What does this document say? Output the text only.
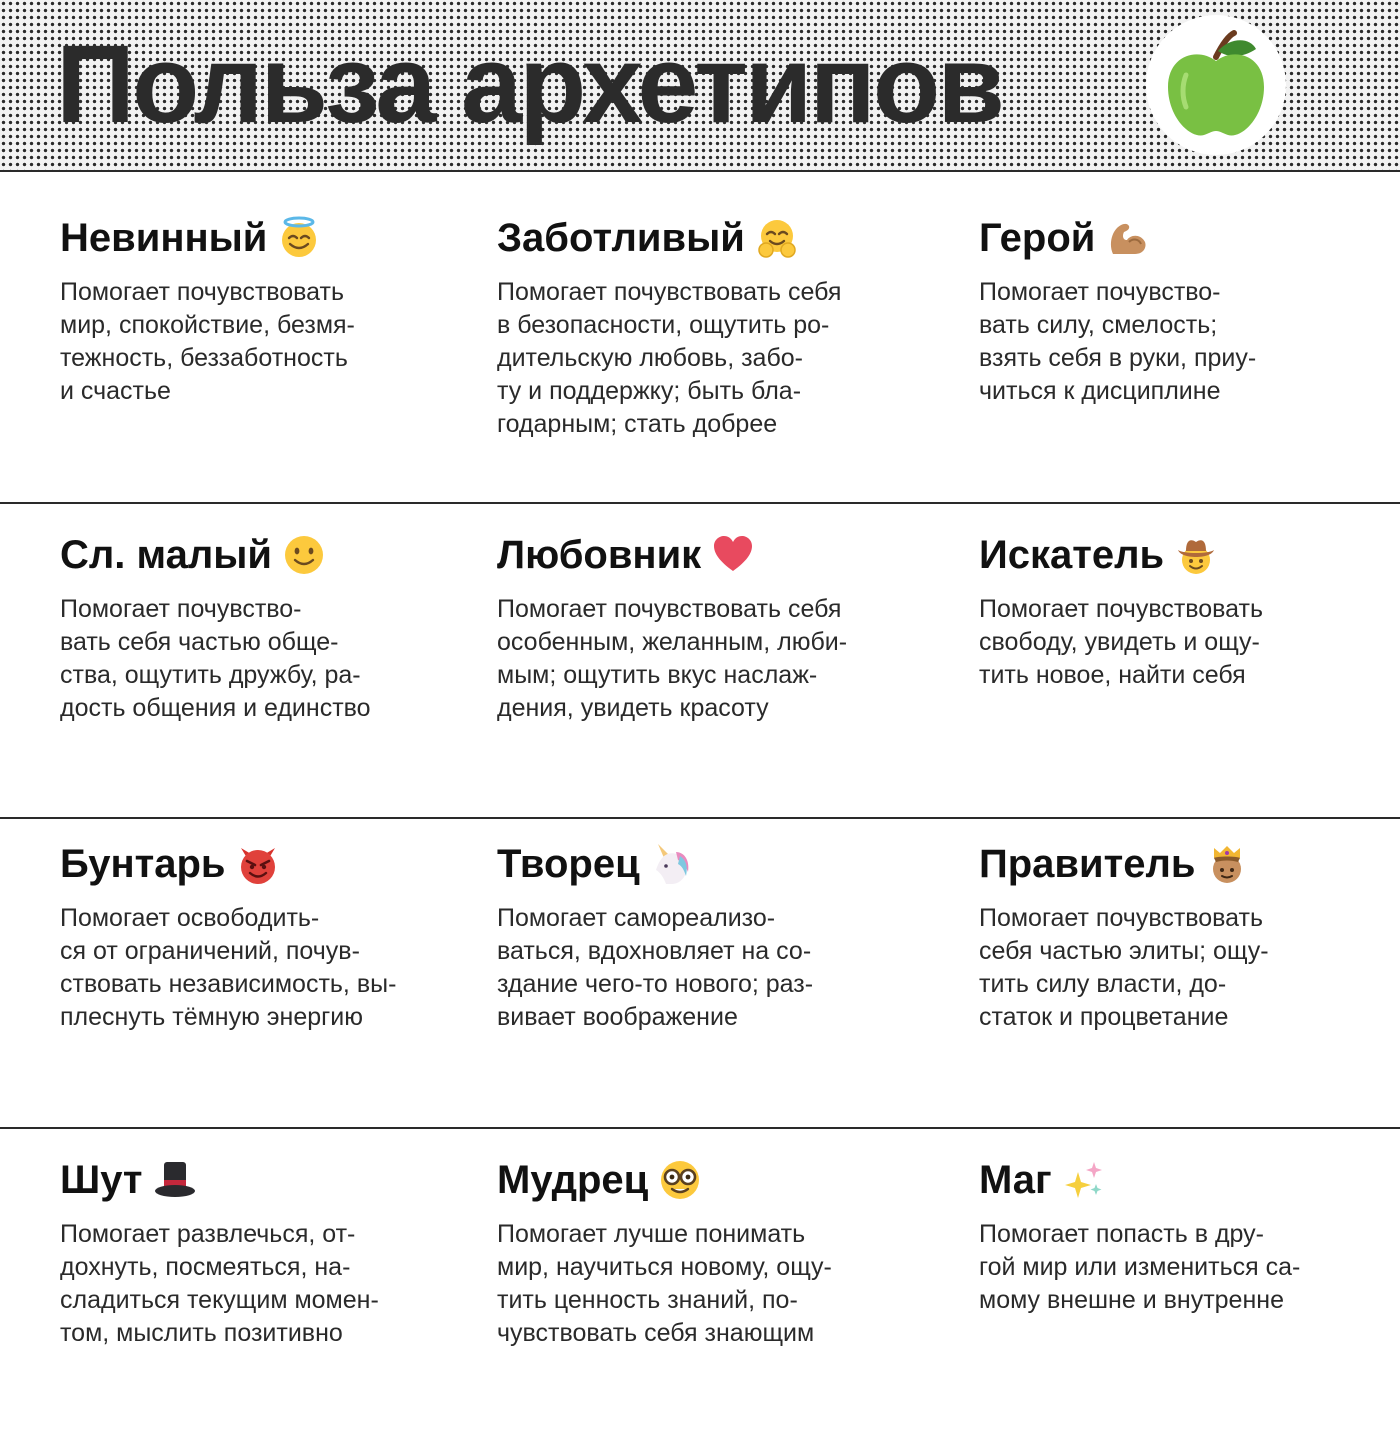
Польза архетипов
Невинный
Помогает почувствовать
мир, спокойствие, безмя-
тежность, беззаботность
и счастье
Заботливый
Помогает почувствовать себя
в безопасности, ощутить ро-
дительскую любовь, забо-
ту и поддержку; быть бла-
годарным; стать добрее
Герой
Помогает почувство-
вать силу, смелость;
взять себя в руки, приу-
читься к дисциплине
Сл. малый
Помогает почувство-
вать себя частью обще-
ства, ощутить дружбу, ра-
дость общения и единство
Любовник
Помогает почувствовать себя
особенным, желанным, люби-
мым; ощутить вкус наслаж-
дения, увидеть красоту
Искатель
Помогает почувствовать
свободу, увидеть и ощу-
тить новое, найти себя
Бунтарь
Помогает освободить-
ся от ограничений, почув-
ствовать независимость, вы-
плеснуть тёмную энергию
Творец
Помогает самореализо-
ваться, вдохновляет на со-
здание чего-то нового; раз-
вивает воображение
Правитель
Помогает почувствовать
себя частью элиты; ощу-
тить силу власти, до-
статок и процветание
Шут
Помогает развлечься, от-
дохнуть, посмеяться, на-
сладиться текущим момен-
том, мыслить позитивно
Мудрец
Помогает лучше понимать
мир, научиться новому, ощу-
тить ценность знаний, по-
чувствовать себя знающим
Маг
Помогает попасть в дру-
гой мир или измениться са-
мому внешне и внутренне
